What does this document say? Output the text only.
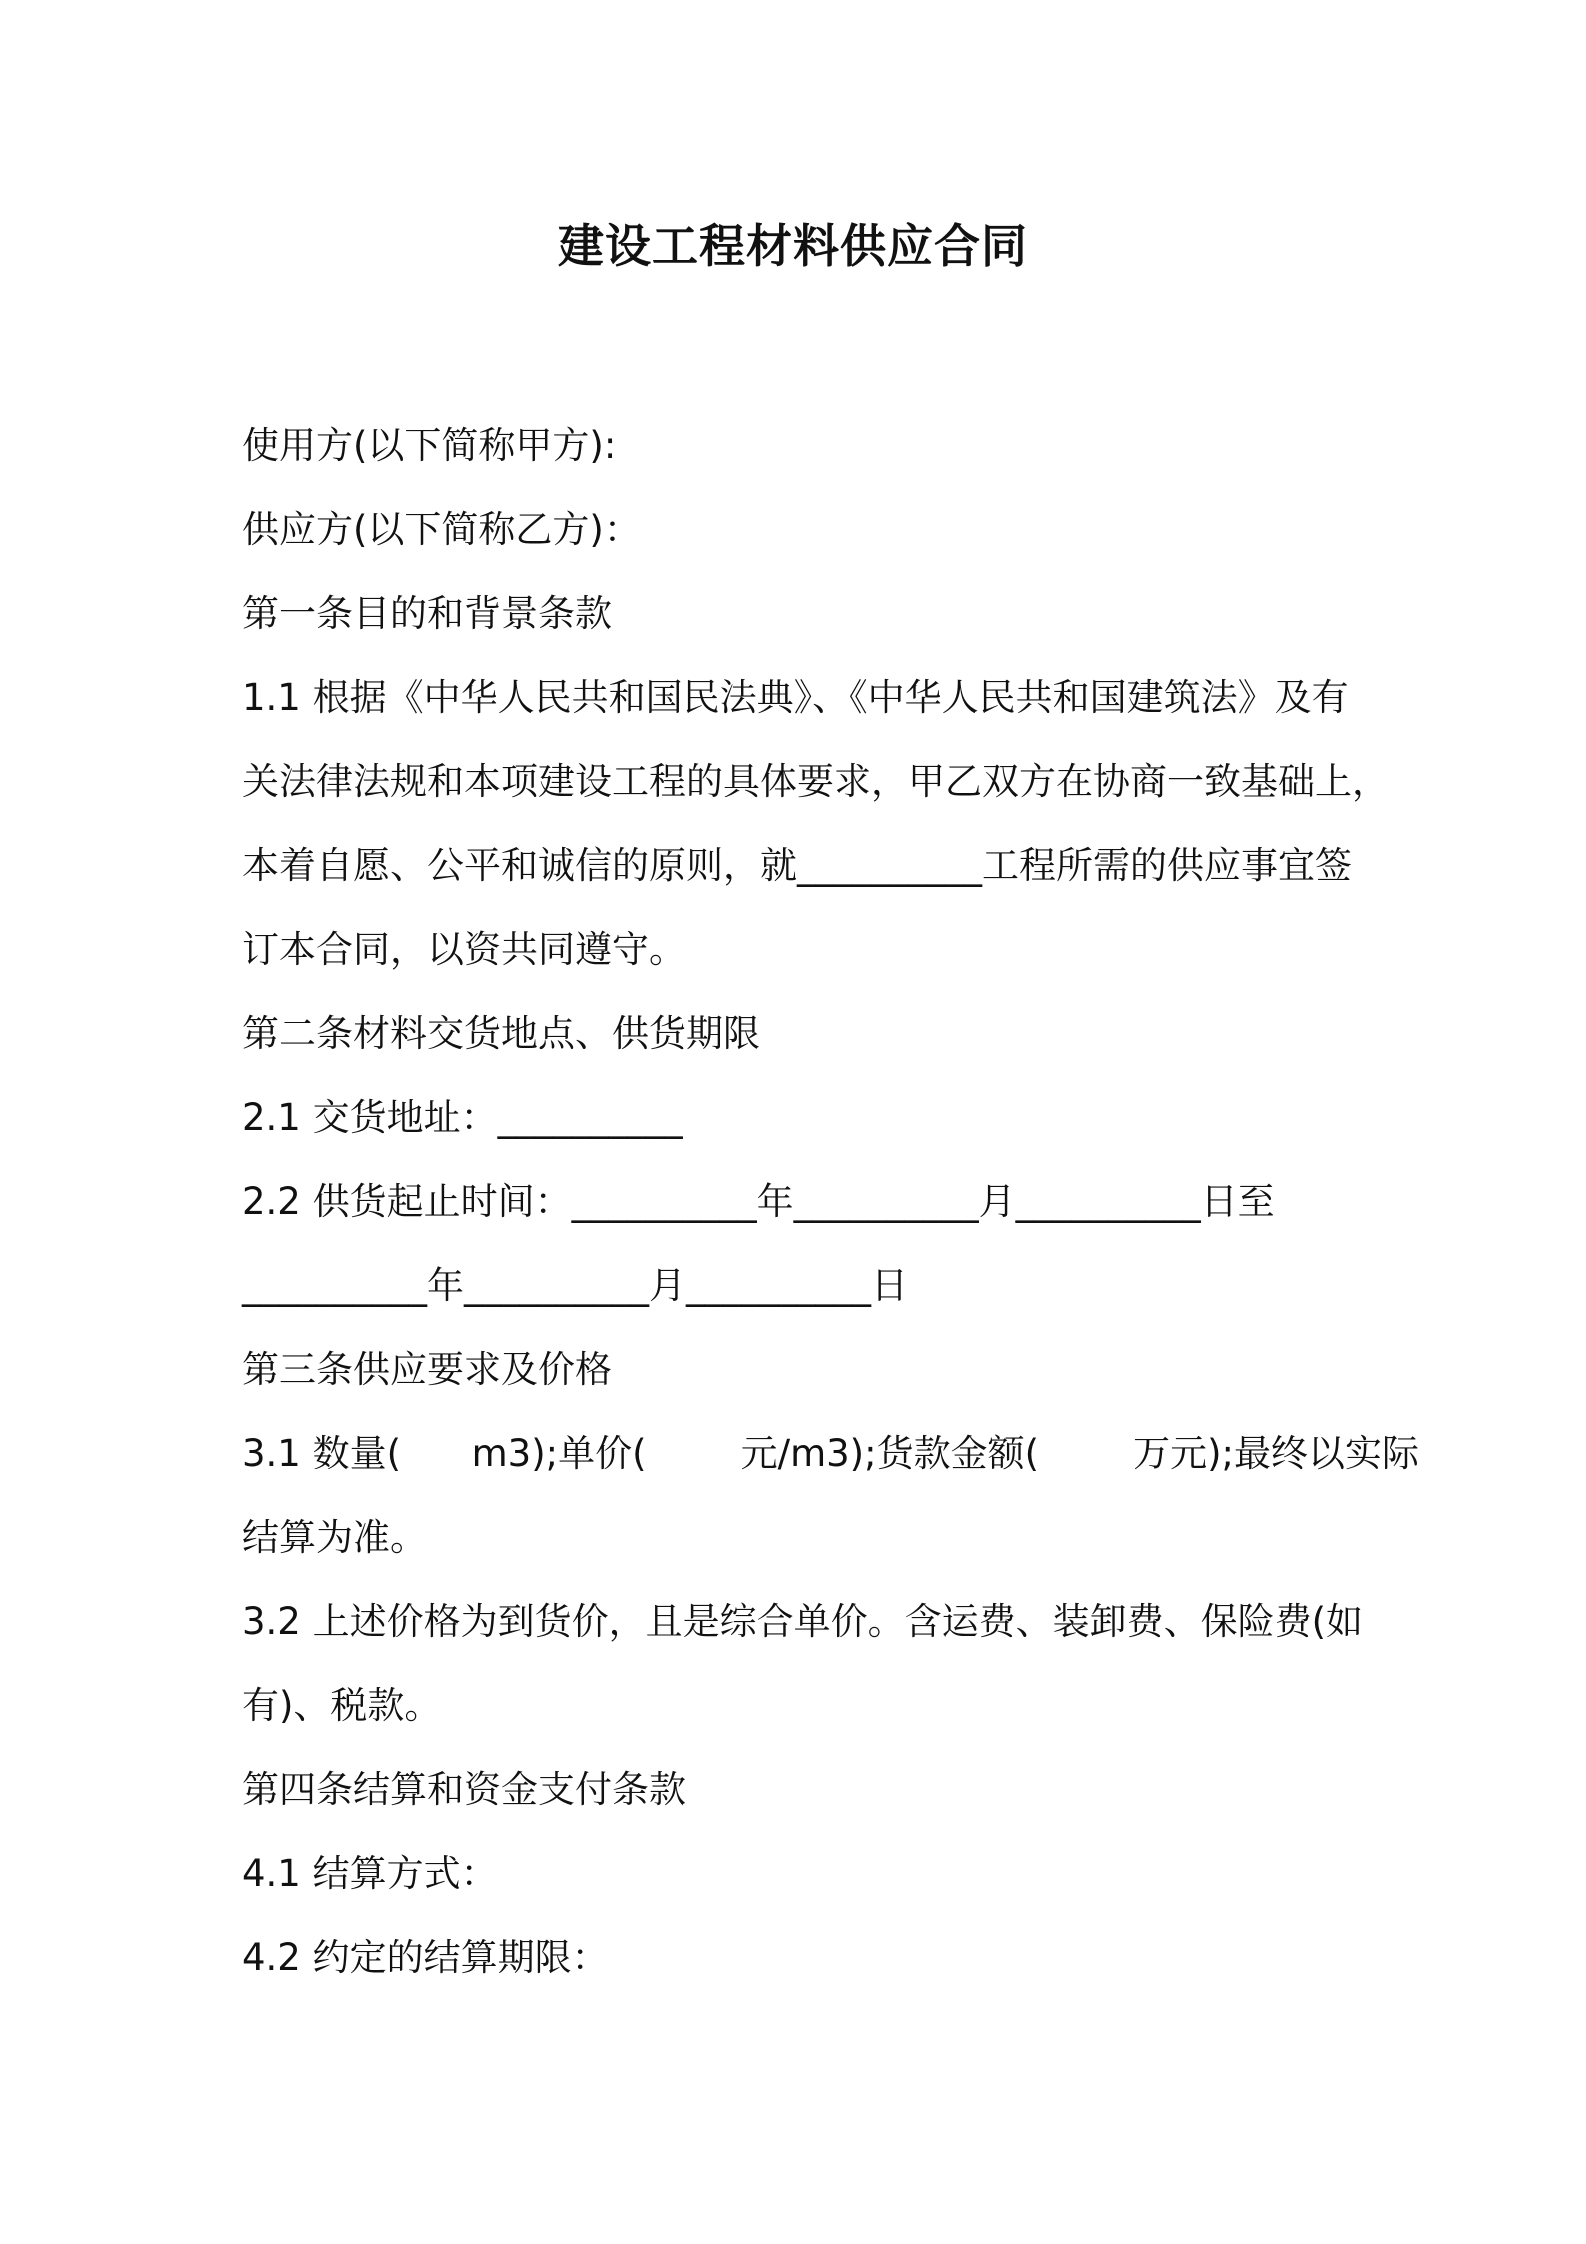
建设工程材料供应合同
使用方(以下简称甲方):
供应方(以下简称乙方)：
第一条目的和背景条款
1.1 根据《中华人民共和国民法典》、《中华人民共和国建筑法》及有
关法律法规和本项建设工程的具体要求，甲乙双方在协商一致基础上，
本着自愿、公平和诚信的原则，就__________工程所需的供应事宜签
订本合同，以资共同遵守。
第二条材料交货地点、供货期限
2.1 交货地址：__________
2.2 供货起止时间：__________年__________月__________日至
__________年__________月__________日
第三条供应要求及价格
3.1 数量(      m3);单价(        元/m3);货款金额(        万元);最终以实际
结算为准。
3.2 上述价格为到货价，且是综合单价。含运费、装卸费、保险费(如
有)、税款。
第四条结算和资金支付条款
4.1 结算方式：
4.2 约定的结算期限：
